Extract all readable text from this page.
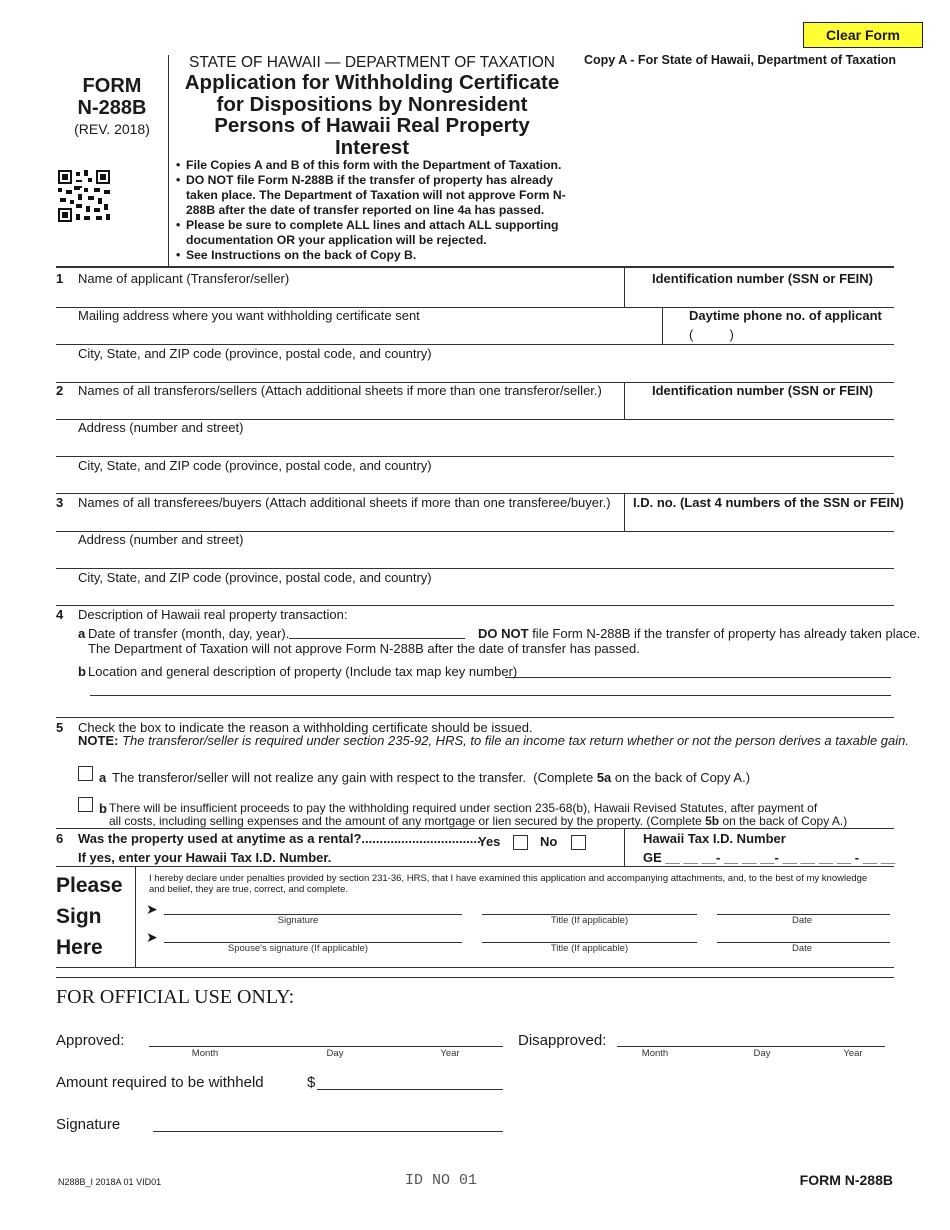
Clear Form
Copy A - For State of Hawaii, Department of Taxation
FORM
N-288B
(REV. 2018)
STATE OF HAWAII — DEPARTMENT OF TAXATION
Application for Withholding Certificate
for Dispositions by Nonresident
Persons of Hawaii Real Property
Interest
• File Copies A and B of this form with the Department of Taxation.
• DO NOT file Form N-288B if the transfer of property has already taken place. The Department of Taxation will not approve Form N-288B after the date of transfer reported on line 4a has passed.
• Please be sure to complete ALL lines and attach ALL supporting documentation OR your application will be rejected.
• See Instructions on the back of Copy B.
1 Name of applicant (Transferor/seller)	Identification number (SSN or FEIN)
Mailing address where you want withholding certificate sent	Daytime phone no. of applicant
(          )
City, State, and ZIP code (province, postal code, and country)
2 Names of all transferors/sellers (Attach additional sheets if more than one transferor/seller.)	Identification number (SSN or FEIN)
Address (number and street)
City, State, and ZIP code (province, postal code, and country)
3 Names of all transferees/buyers (Attach additional sheets if more than one transferee/buyer.) I.D. no. (Last 4 numbers of the SSN or FEIN)
Address (number and street)
City, State, and ZIP code (province, postal code, and country)
4 Description of Hawaii real property transaction:
a Date of transfer (month, day, year).	DO NOT file Form N-288B if the transfer of property has already taken place.
The Department of Taxation will not approve Form N-288B after the date of transfer has passed.
b Location and general description of property (Include tax map key number)
5 Check the box to indicate the reason a withholding certificate should be issued.
NOTE: The transferor/seller is required under section 235-92, HRS, to file an income tax return whether or not the person derives a taxable gain.
a The transferor/seller will not realize any gain with respect to the transfer.  (Complete 5a on the back of Copy A.)
b There will be insufficient proceeds to pay the withholding required under section 235-68(b), Hawaii Revised Statutes, after payment of
all costs, including selling expenses and the amount of any mortgage or lien secured by the property. (Complete 5b on the back of Copy A.)
6 Was the property used at anytime as a rental?.................................
Yes	No
If yes, enter your Hawaii Tax I.D. Number.
Hawaii Tax I.D. Number
GE __ __ __- __ __ __- __ __ __ __ - __ __
Please
Sign
Here
I hereby declare under penalties provided by section 231-36, HRS, that I have examined this application and accompanying attachments, and, to the best of my knowledge and belief, they are true, correct, and complete.
➤
Signature	Title (If applicable)	Date
➤
Spouse's signature (If applicable)	Title (If applicable)	Date
FOR OFFICIAL USE ONLY:
Approved:
Month	Day	Year
Disapproved:
Month	Day	Year
Amount required to be withheld	$
Signature
N288B_I 2018A 01 VID01	ID NO 01	FORM N-288B
